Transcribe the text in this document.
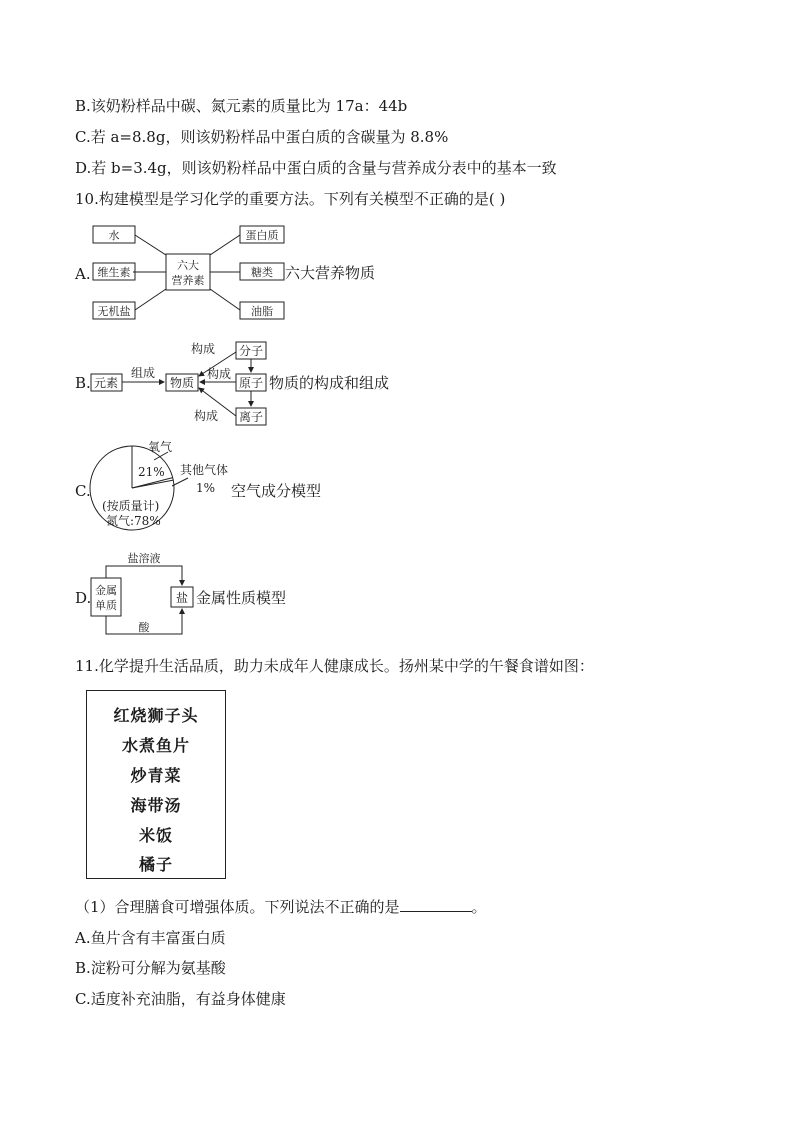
B.该奶粉样品中碳、氮元素的质量比为 17a：44b
C.若 a=8.8g，则该奶粉样品中蛋白质的含碳量为 8.8%
D.若 b=3.4g，则该奶粉样品中蛋白质的含量与营养成分表中的基本一致
10.构建模型是学习化学的重要方法。下列有关模型不正确的是( )
A.
水
维生素
无机盐
六大
营养素
蛋白质
糖类
油脂
六大营养物质
B. 元素	物质
分子
原子
离子
组成
构成
构成
构成
物质的构成和组成
C.
氧气
21% 其他气体
1%
(按质量计)
氮气:78%
空气成分模型
D. 金属
单质
盐溶液
酸
盐 金属性质模型
11.化学提升生活品质，助力未成年人健康成长。扬州某中学的午餐食谱如图：
红烧狮子头
水煮鱼片
炒青菜
海带汤
米饭
橘子
（1）合理膳食可增强体质。下列说法不正确的是	。
A.鱼片含有丰富蛋白质
B.淀粉可分解为氨基酸
C.适度补充油脂，有益身体健康
